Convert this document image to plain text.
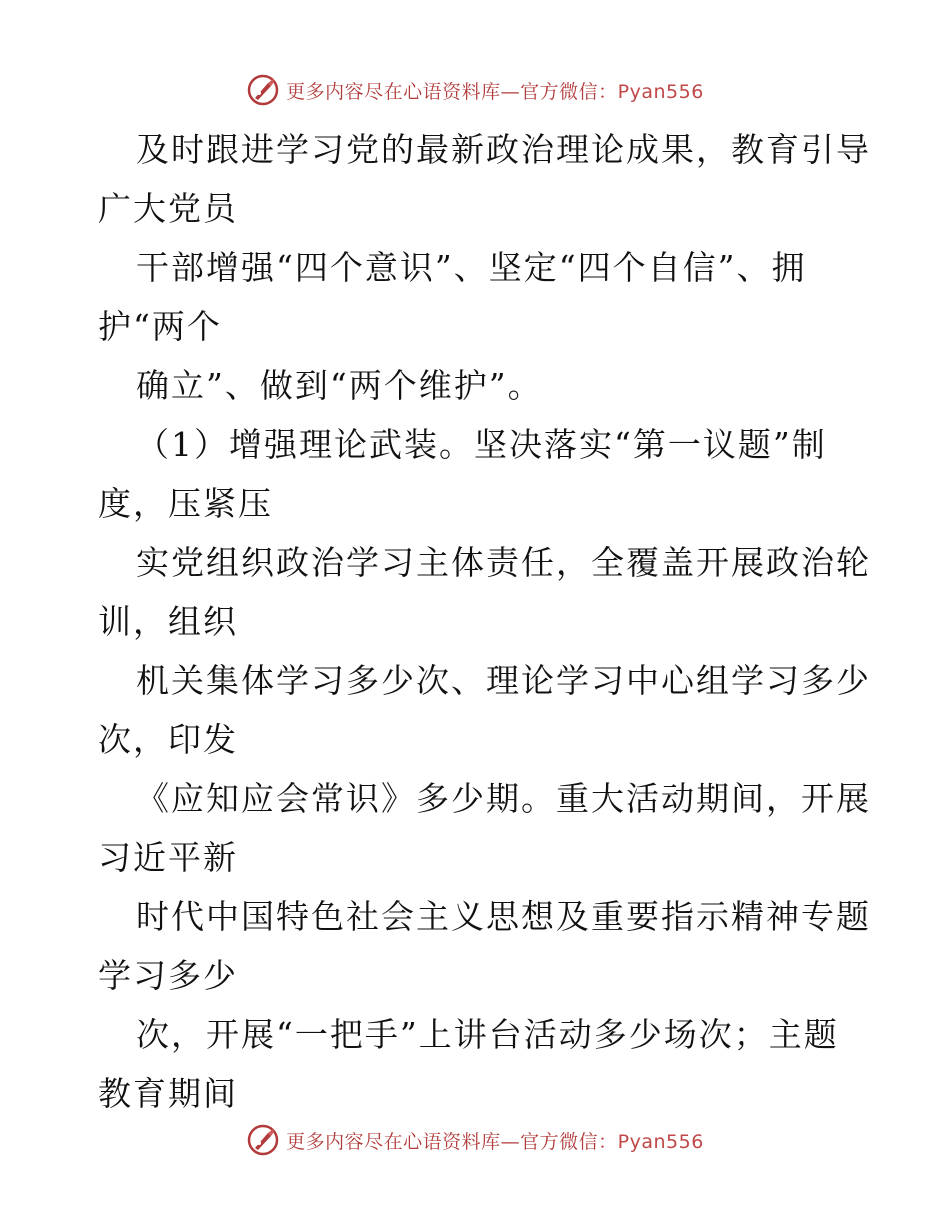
更多内容尽在心语资料库—官方微信：Pyan556
及时跟进学习党的最新政治理论成果，教育引导
广大党员
干部增强“四个意识”、坚定“四个自信”、拥
护“两个
确立”、做到“两个维护”。
（1）增强理论武装。坚决落实“第一议题”制
度，压紧压
实党组织政治学习主体责任，全覆盖开展政治轮
训，组织
机关集体学习多少次、理论学习中心组学习多少
次，印发
《应知应会常识》多少期。重大活动期间，开展
习近平新
时代中国特色社会主义思想及重要指示精神专题
学习多少
次，开展“一把手”上讲台活动多少场次；主题
教育期间
更多内容尽在心语资料库—官方微信：Pyan556
